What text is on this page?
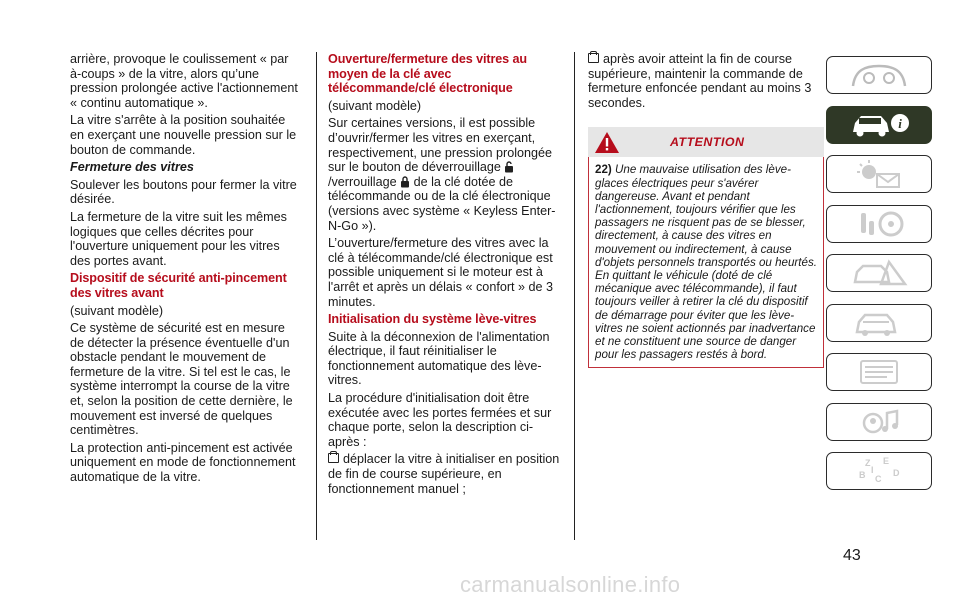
arrière, provoque le coulissement « par à-coups » de la vitre, alors qu’une pression prolongée active l'actionnement « continu automatique ».

La vitre s'arrête à la position souhaitée en exerçant une nouvelle pression sur le bouton de commande.

Fermeture des vitres

Soulever les boutons pour fermer la vitre désirée.

La fermeture de la vitre suit les mêmes logiques que celles décrites pour l'ouverture uniquement pour les vitres des portes avant.

Dispositif de sécurité anti-pincement des vitres avant

(suivant modèle)

Ce système de sécurité est en mesure de détecter la présence éventuelle d'un obstacle pendant le mouvement de fermeture de la vitre. Si tel est le cas, le système interrompt la course de la vitre et, selon la position de cette dernière, le mouvement est inversé de quelques centimètres.

La protection anti-pincement est activée uniquement en mode de fonctionnement automatique de la vitre.

Ouverture/fermeture des vitres au moyen de la clé avec télécommande/clé électronique

(suivant modèle)

Sur certaines versions, il est possible d’ouvrir/fermer les vitres en exerçant, respectivement, une pression prolongée sur le bouton de déverrouillage /verrouillage de la clé dotée de télécommande ou de la clé électronique (versions avec système « Keyless Enter-N-Go »).

L’ouverture/fermeture des vitres avec la clé à télécommande/clé électronique est possible uniquement si le moteur est à l'arrêt et après un délais « confort » de 3 minutes.

Initialisation du système lève-vitres

Suite à la déconnexion de l'alimentation électrique, il faut réinitialiser le fonctionnement automatique des lève-vitres.

La procédure d'initialisation doit être exécutée avec les portes fermées et sur chaque porte, selon la description ci-après :

déplacer la vitre à initialiser en position de fin de course supérieure, en fonctionnement manuel ;

après avoir atteint la fin de course supérieure, maintenir la commande de fermeture enfoncée pendant au moins 3 secondes.

ATTENTION
22) Une mauvaise utilisation des lève-glaces électriques peur s'avérer dangereuse. Avant et pendant l'actionnement, toujours vérifier que les passagers ne risquent pas de se blesser, directement, à cause des vitres en mouvement ou indirectement, à cause d'objets personnels transportés ou heurtés. En quittant le véhicule (doté de clé mécanique avec télécommande), il faut toujours veiller à retirer la clé du dispositif de démarrage pour éviter que les lève-vitres ne soient actionnés par inadvertance et ne constituent une source de danger pour les passagers restés à bord.
i
Z E
B C
D
I
43
carmanualsonline.info
